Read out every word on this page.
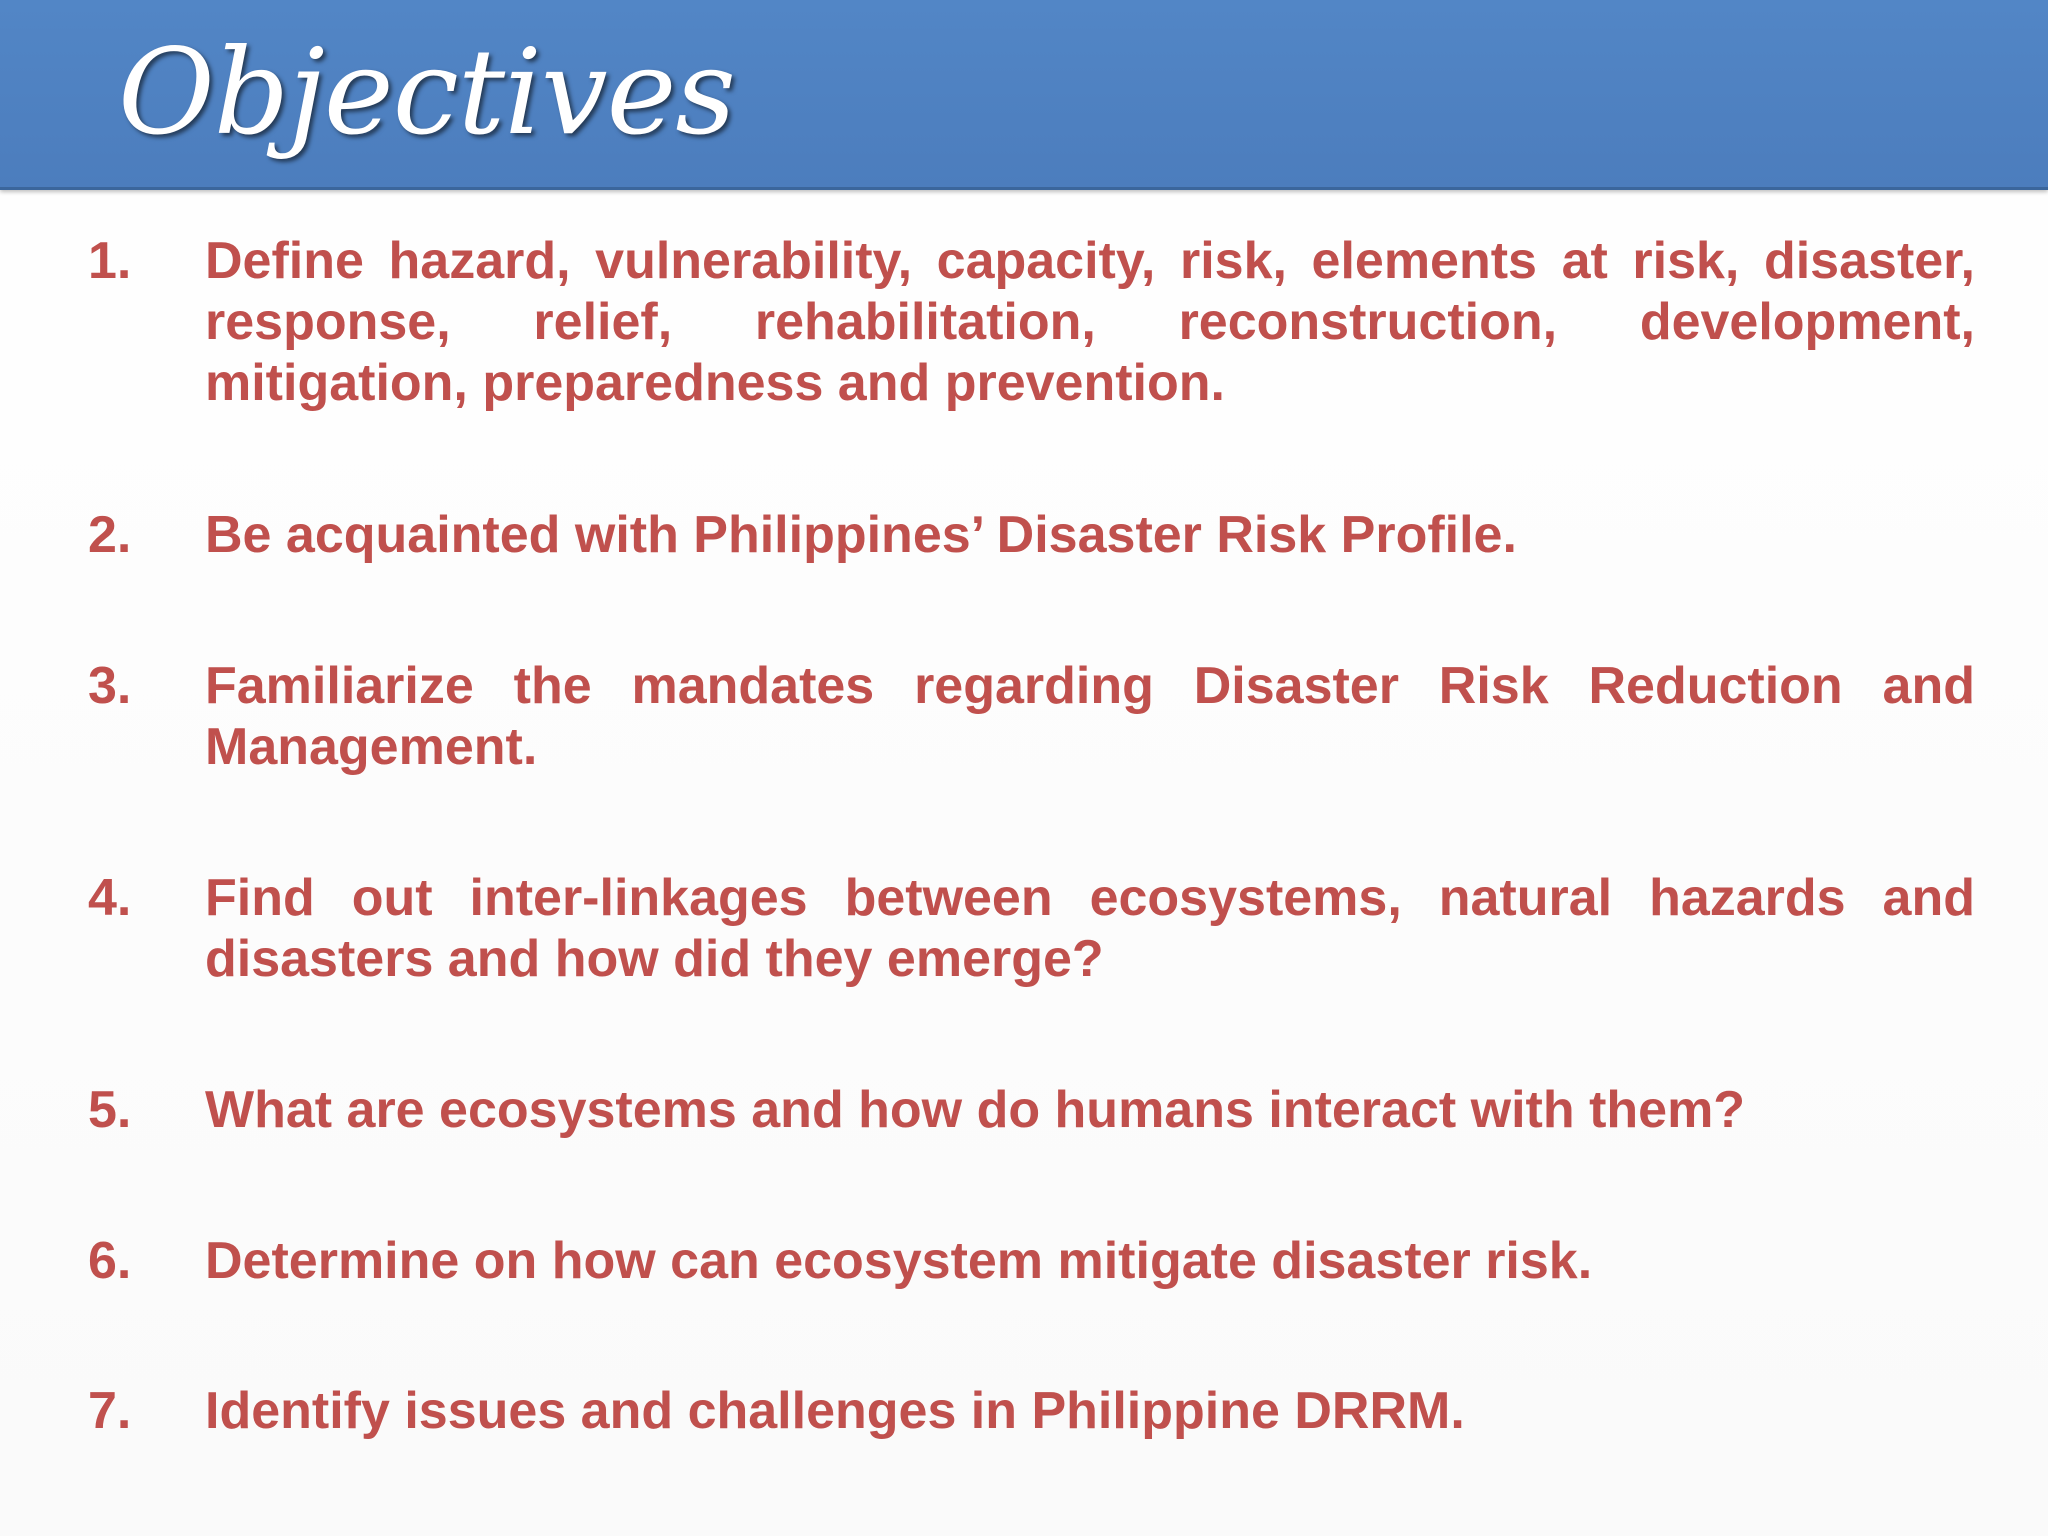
Objectives
1. Define hazard, vulnerability, capacity, risk, elements at risk, disaster, response, relief, rehabilitation, reconstruction, development, mitigation, preparedness and prevention.
2. Be acquainted with Philippines’ Disaster Risk Profile.
3. Familiarize the mandates regarding Disaster Risk Reduction and Management.
4. Find out inter-linkages between ecosystems, natural hazards and disasters and how did they emerge?
5. What are ecosystems and how do humans interact with them?
6. Determine on how can ecosystem mitigate disaster risk.
7. Identify issues and challenges in Philippine DRRM.
